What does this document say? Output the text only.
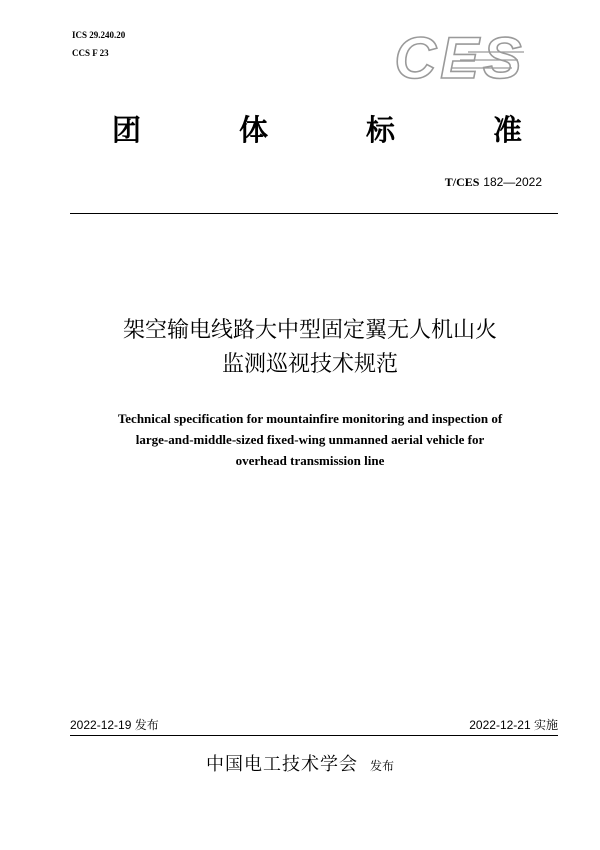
ICS 29.240.20
CCS F 23	CES
团	体	标	准
T/CES 182—2022
架空输电线路大中型固定翼无人机山火
监测巡视技术规范
Technical specification for mountainfire monitoring and inspection of
large-and-middle-sized fixed-wing unmanned aerial vehicle for
overhead transmission line
2022-12-19 发布	2022-12-21 实施
中国电工技术学会 发布
